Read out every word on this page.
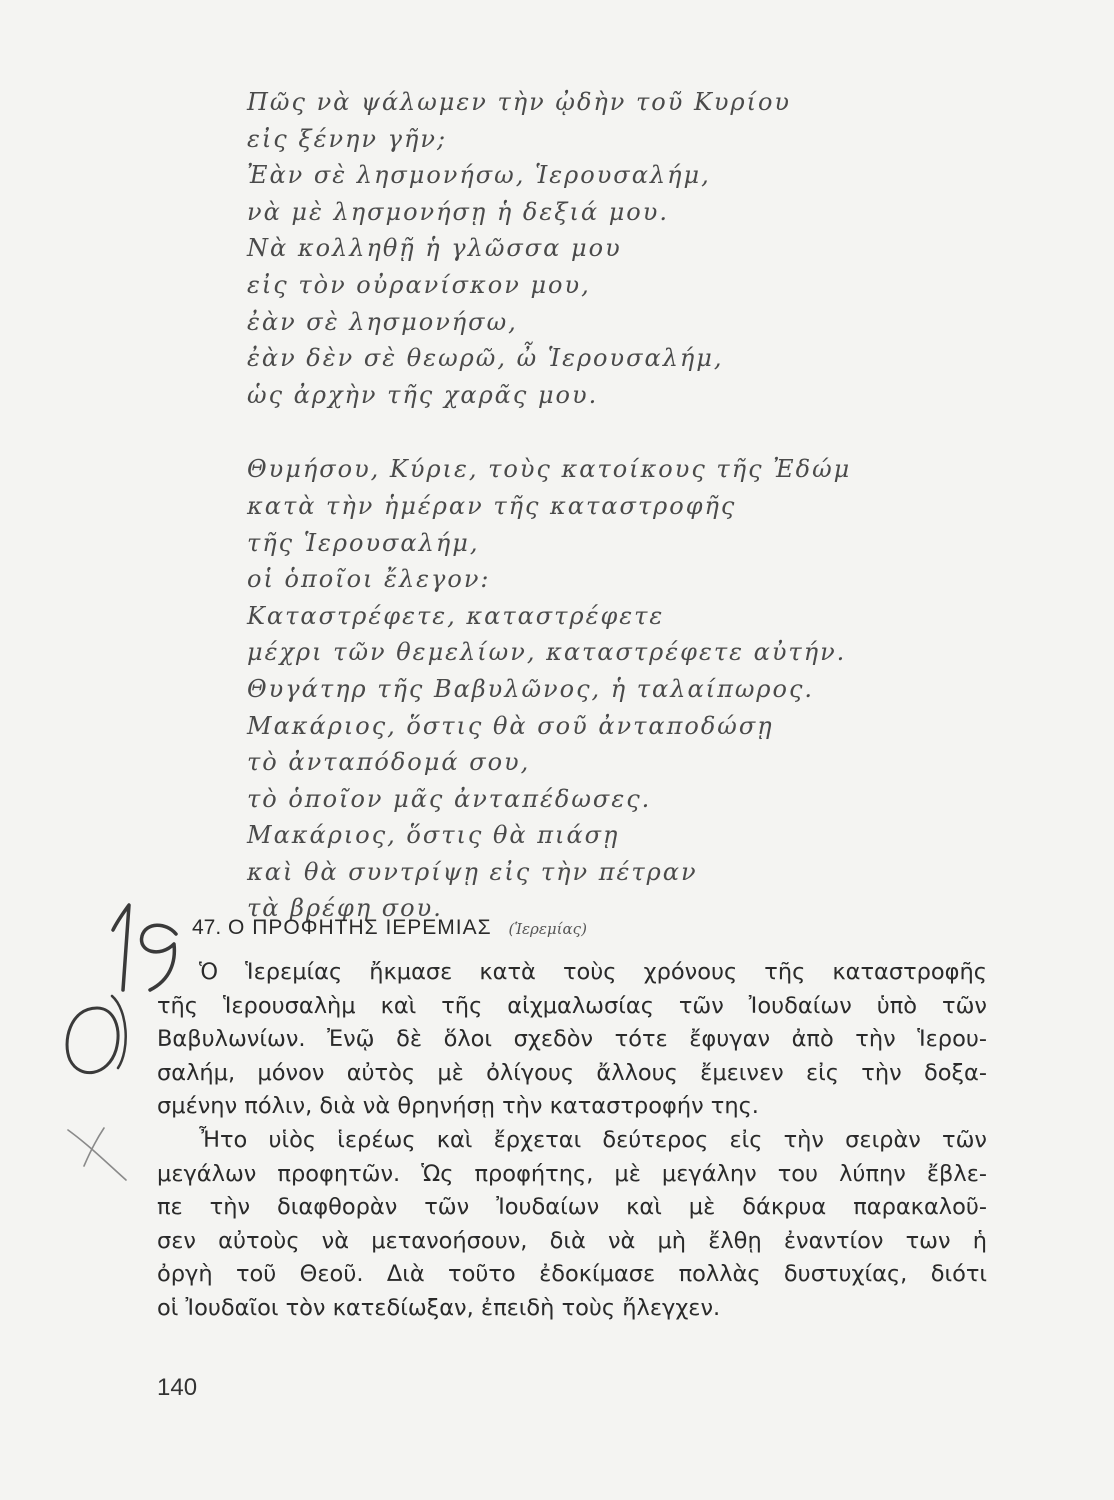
Πῶς νὰ ψάλωμεν τὴν ᾠδὴν τοῦ Κυρίου
εἰς ξένην γῆν;
Ἐὰν σὲ λησμονήσω, Ἱερουσαλήμ,
νὰ μὲ λησμονήσῃ ἡ δεξιά μου.
Νὰ κολληθῇ ἡ γλῶσσα μου
εἰς τὸν οὐρανίσκον μου,
ἐὰν σὲ λησμονήσω,
ἐὰν δὲν σὲ θεωρῶ, ὦ Ἱερουσαλήμ,
ὡς ἀρχὴν τῆς χαρᾶς μου.
Θυμήσου, Κύριε, τοὺς κατοίκους τῆς Ἐδώμ
κατὰ τὴν ἡμέραν τῆς καταστροφῆς
τῆς Ἱερουσαλήμ,
οἱ ὁποῖοι ἔλεγον:
Καταστρέφετε, καταστρέφετε
μέχρι τῶν θεμελίων, καταστρέφετε αὐτήν.
Θυγάτηρ τῆς Βαβυλῶνος, ἡ ταλαίπωρος.
Μακάριος, ὅστις θὰ σοῦ ἀνταποδώσῃ
τὸ ἀνταπόδομά σου,
τὸ ὁποῖον μᾶς ἀνταπέδωσες.
Μακάριος, ὅστις θὰ πιάσῃ
καὶ θὰ συντρίψῃ εἰς τὴν πέτραν
τὰ βρέφη σου.
47. Ο ΠΡΟΦΗΤΗΣ ΙΕΡΕΜΙΑΣ (Ἱερεμίας)
Ὁ Ἱερεμίας ἤκμασε κατὰ τοὺς χρόνους τῆς καταστροφῆς
τῆς Ἱερουσαλὴμ καὶ τῆς αἰχμαλωσίας τῶν Ἰουδαίων ὑπὸ τῶν
Βαβυλωνίων. Ἐνῷ δὲ ὅλοι σχεδὸν τότε ἔφυγαν ἀπὸ τὴν Ἱερου-
σαλήμ, μόνον αὐτὸς μὲ ὀλίγους ἄλλους ἔμεινεν εἰς τὴν δοξα-
σμένην πόλιν, διὰ νὰ θρηνήσῃ τὴν καταστροφήν της.
Ἦτο υἱὸς ἱερέως καὶ ἔρχεται δεύτερος εἰς τὴν σειρὰν τῶν
μεγάλων προφητῶν. Ὡς προφήτης, μὲ μεγάλην του λύπην ἔβλε-
πε τὴν διαφθορὰν τῶν Ἰουδαίων καὶ μὲ δάκρυα παρακαλοῦ-
σεν αὐτοὺς νὰ μετανοήσουν, διὰ νὰ μὴ ἔλθῃ ἐναντίον των ἡ
ὀργὴ τοῦ Θεοῦ. Διὰ τοῦτο ἐδοκίμασε πολλὰς δυστυχίας, διότι
οἱ Ἰουδαῖοι τὸν κατεδίωξαν, ἐπειδὴ τοὺς ἤλεγχεν.
140
